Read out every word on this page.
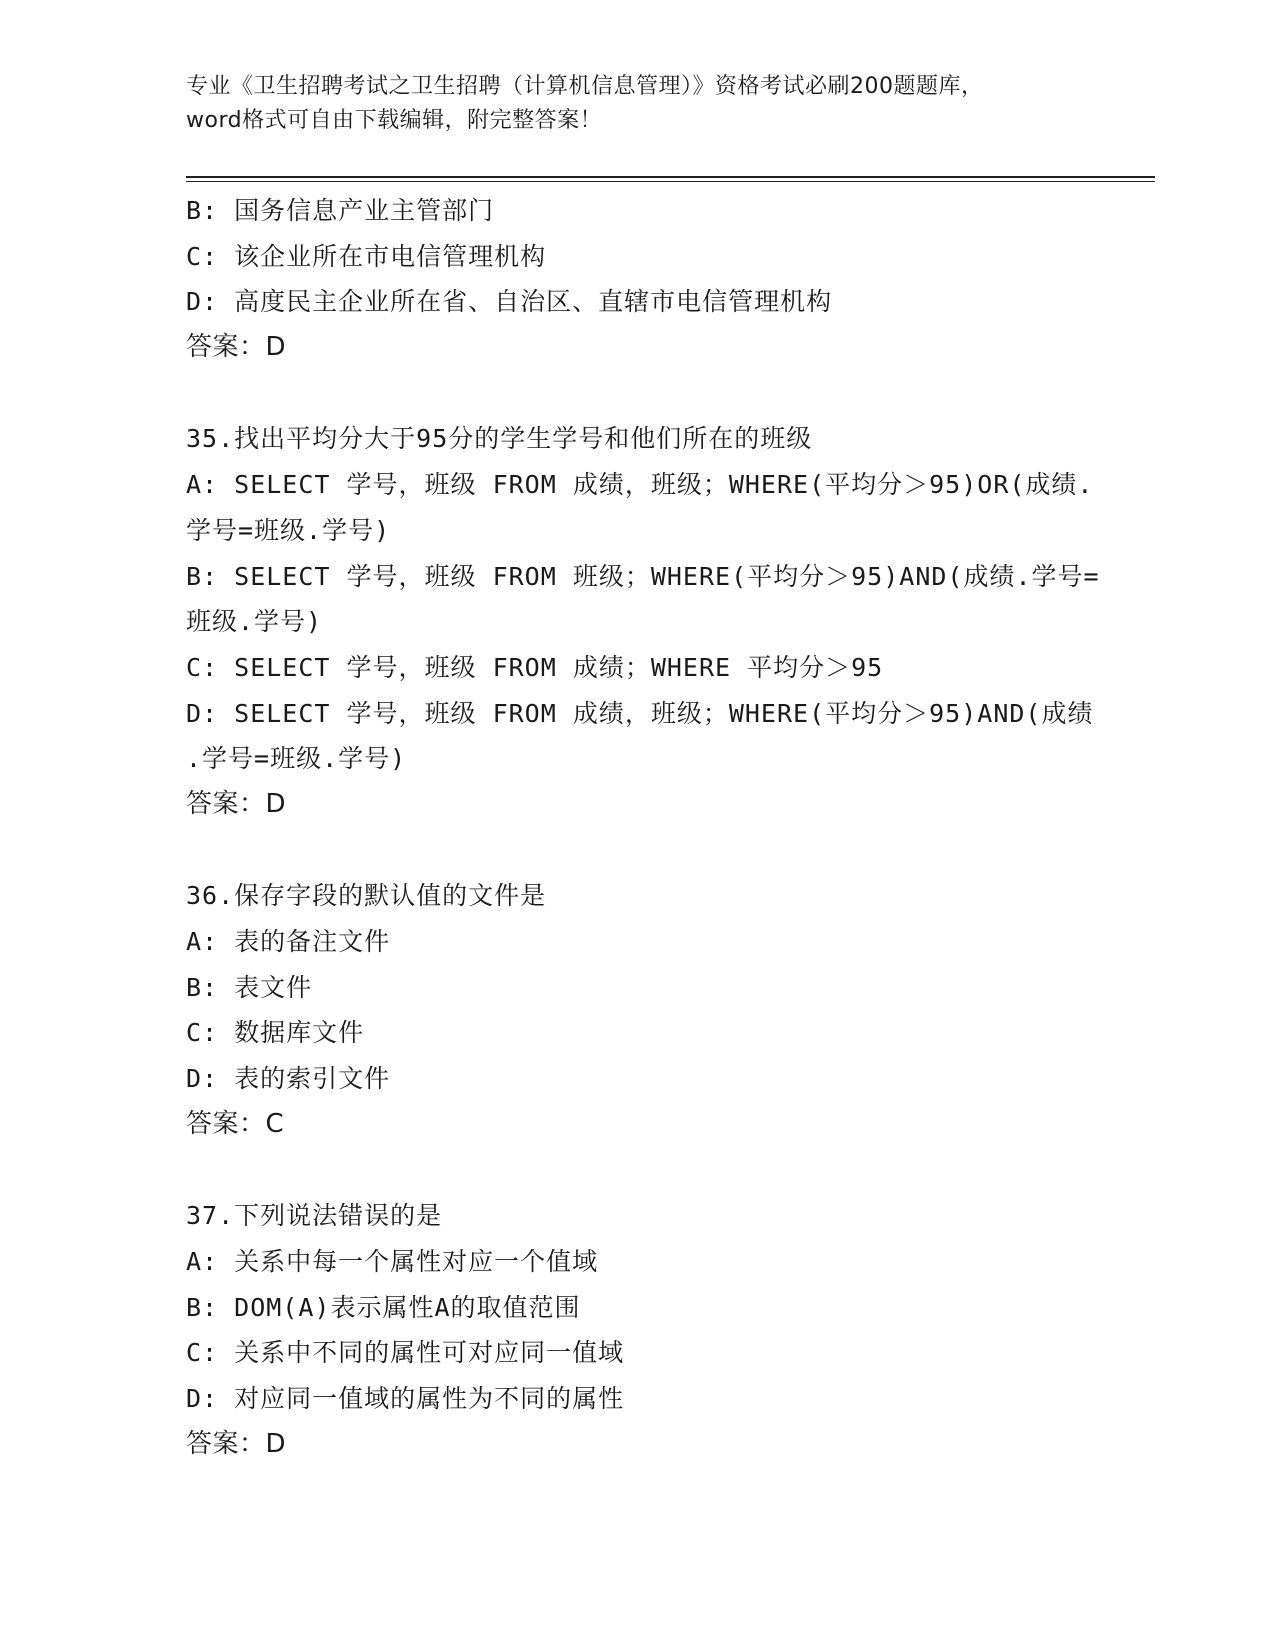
专业《卫生招聘考试之卫生招聘（计算机信息管理）》资格考试必刷200题题库，
word格式可自由下载编辑，附完整答案！
B: 国务信息产业主管部门
C: 该企业所在市电信管理机构
D: 高度民主企业所在省、自治区、直辖市电信管理机构
答案：D
35.找出平均分大于95分的学生学号和他们所在的班级
A: SELECT 学号，班级 FROM 成绩，班级；WHERE(平均分＞95)OR(成绩.
学号=班级.学号)
B: SELECT 学号，班级 FROM 班级；WHERE(平均分＞95)AND(成绩.学号=
班级.学号)
C: SELECT 学号，班级 FROM 成绩；WHERE 平均分＞95
D: SELECT 学号，班级 FROM 成绩，班级；WHERE(平均分＞95)AND(成绩
.学号=班级.学号)
答案：D
36.保存字段的默认值的文件是
A: 表的备注文件
B: 表文件
C: 数据库文件
D: 表的索引文件
答案：C
37.下列说法错误的是
A: 关系中每一个属性对应一个值域
B: DOM(A)表示属性A的取值范围
C: 关系中不同的属性可对应同一值域
D: 对应同一值域的属性为不同的属性
答案：D
